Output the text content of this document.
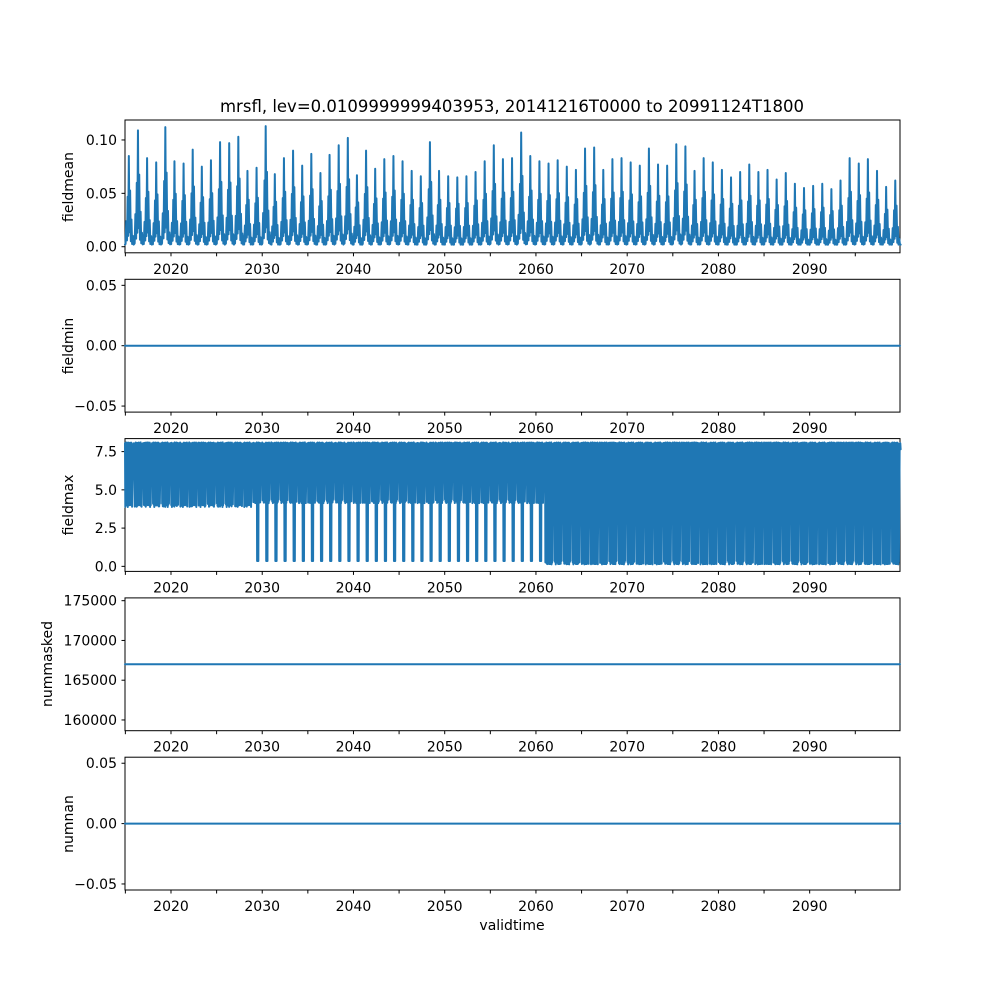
2020	2030	2040	2050	2060	2070	2080	2090
0.00
0.05
0.10
2020	2030	2040	2050	2060	2070	2080	2090
−0.05
0.00
0.05
2020	2030	2040	2050	2060	2070	2080	2090
0.0
2.5
5.0
7.5
2020	2030	2040	2050	2060	2070	2080	2090
160000
165000
170000
175000
2020	2030	2040	2050	2060	2070	2080	2090
−0.05
0.00
0.05
mrsfl, lev=0.0109999999403953, 20141216T0000 to 20991124T1800
validtime
fieldmean
fieldmin
fieldmax
nummasked
numnan
